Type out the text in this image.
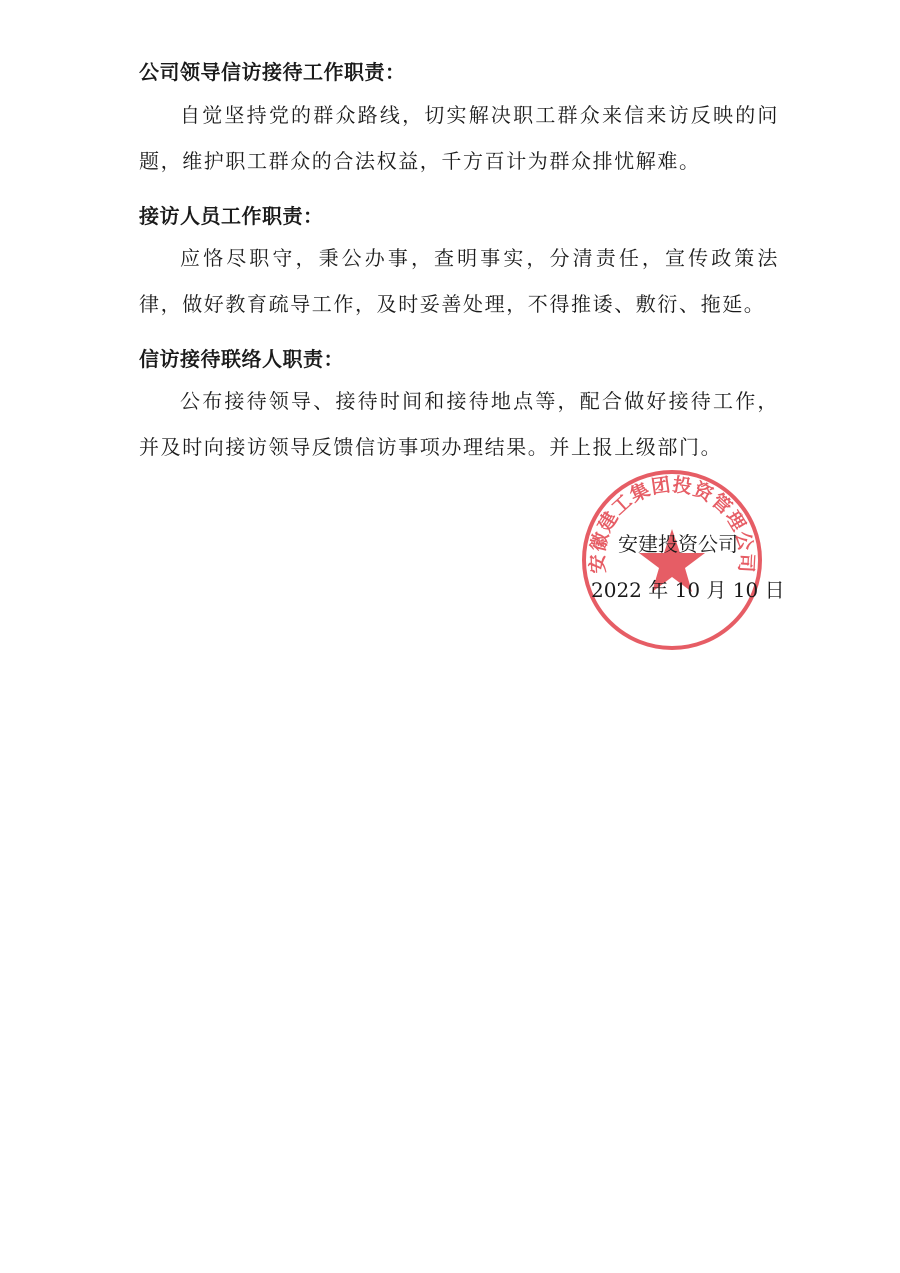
公司领导信访接待工作职责：
自觉坚持党的群众路线，切实解决职工群众来信来访反映的问题，维护职工群众的合法权益，千方百计为群众排忧解难。
接访人员工作职责：
应恪尽职守，秉公办事，查明事实，分清责任，宣传政策法律，做好教育疏导工作，及时妥善处理，不得推诿、敷衍、拖延。
信访接待联络人职责：
公布接待领导、接待时间和接待地点等，配合做好接待工作，并及时向接访领导反馈信访事项办理结果。并上报上级部门。
安徽建工集团投资管理公司
安建投资公司
2022 年 10 月 10 日
